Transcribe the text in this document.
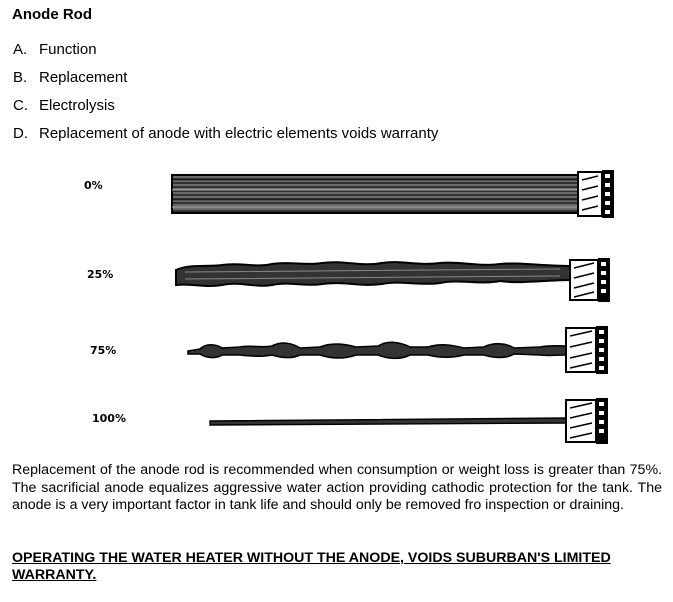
Anode Rod
A. Function
B. Replacement
C. Electrolysis
D. Replacement of anode with electric elements voids warranty
0%
25%
75%
100%

Replacement of the anode rod is recommended when consumption or weight loss is greater than 75%. The sacrificial anode equalizes aggressive water action providing cathodic protection for the tank. The anode is a very important factor in tank life and should only be removed fro inspection or draining.

OPERATING THE WATER HEATER WITHOUT THE ANODE, VOIDS SUBURBAN'S LIMITED WARRANTY.
